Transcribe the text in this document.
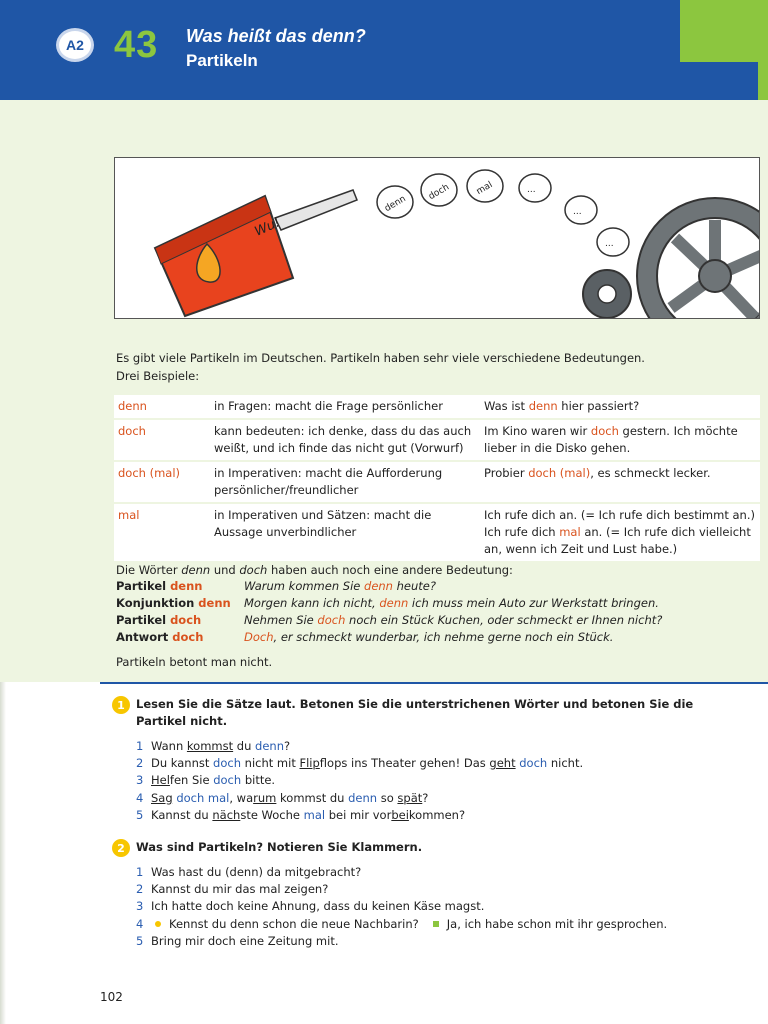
A2 43 Was heißt das denn?
Partikeln
Wu!
denn
doch	mal	...
...
...
Es gibt viele Partikeln im Deutschen. Partikeln haben sehr viele verschiedene Bedeutungen.
Drei Beispiele:
denn	in Fragen: macht die Frage persönlicher	Was ist denn hier passiert?
doch	kann bedeuten: ich denke, dass du das auch weißt, und ich finde das nicht gut (Vorwurf)	Im Kino waren wir doch gestern. Ich möchte lieber in die Disko gehen.
doch (mal)	in Imperativen: macht die Aufforderung persönlicher/freundlicher	Probier doch (mal), es schmeckt lecker.
mal	in Imperativen und Sätzen: macht die Aussage unverbindlicher	Ich rufe dich an. (= Ich rufe dich bestimmt an.)
Ich rufe dich mal an. (= Ich rufe dich vielleicht an, wenn ich Zeit und Lust habe.)
Die Wörter denn und doch haben auch noch eine andere Bedeutung:
Partikel denn	Warum kommen Sie denn heute?
Konjunktion denn	Morgen kann ich nicht, denn ich muss mein Auto zur Werkstatt bringen.
Partikel doch	Nehmen Sie doch noch ein Stück Kuchen, oder schmeckt er Ihnen nicht?
Antwort doch	Doch, er schmeckt wunderbar, ich nehme gerne noch ein Stück.
Partikeln betont man nicht.
1 Lesen Sie die Sätze laut. Betonen Sie die unterstrichenen Wörter und betonen Sie die Partikel nicht.
1 Wann kommst du denn?
2 Du kannst doch nicht mit Flipflops ins Theater gehen! Das geht doch nicht.
3 Helfen Sie doch bitte.
4 Sag doch mal, warum kommst du denn so spät?
5 Kannst du nächste Woche mal bei mir vorbeikommen?
2 Was sind Partikeln? Notieren Sie Klammern.
1 Was hast du (denn) da mitgebracht?
2 Kannst du mir das mal zeigen?
3 Ich hatte doch keine Ahnung, dass du keinen Käse magst.
4	Kennst du denn schon die neue Nachbarin? Ja, ich habe schon mit ihr gesprochen.
5 Bring mir doch eine Zeitung mit.
102
